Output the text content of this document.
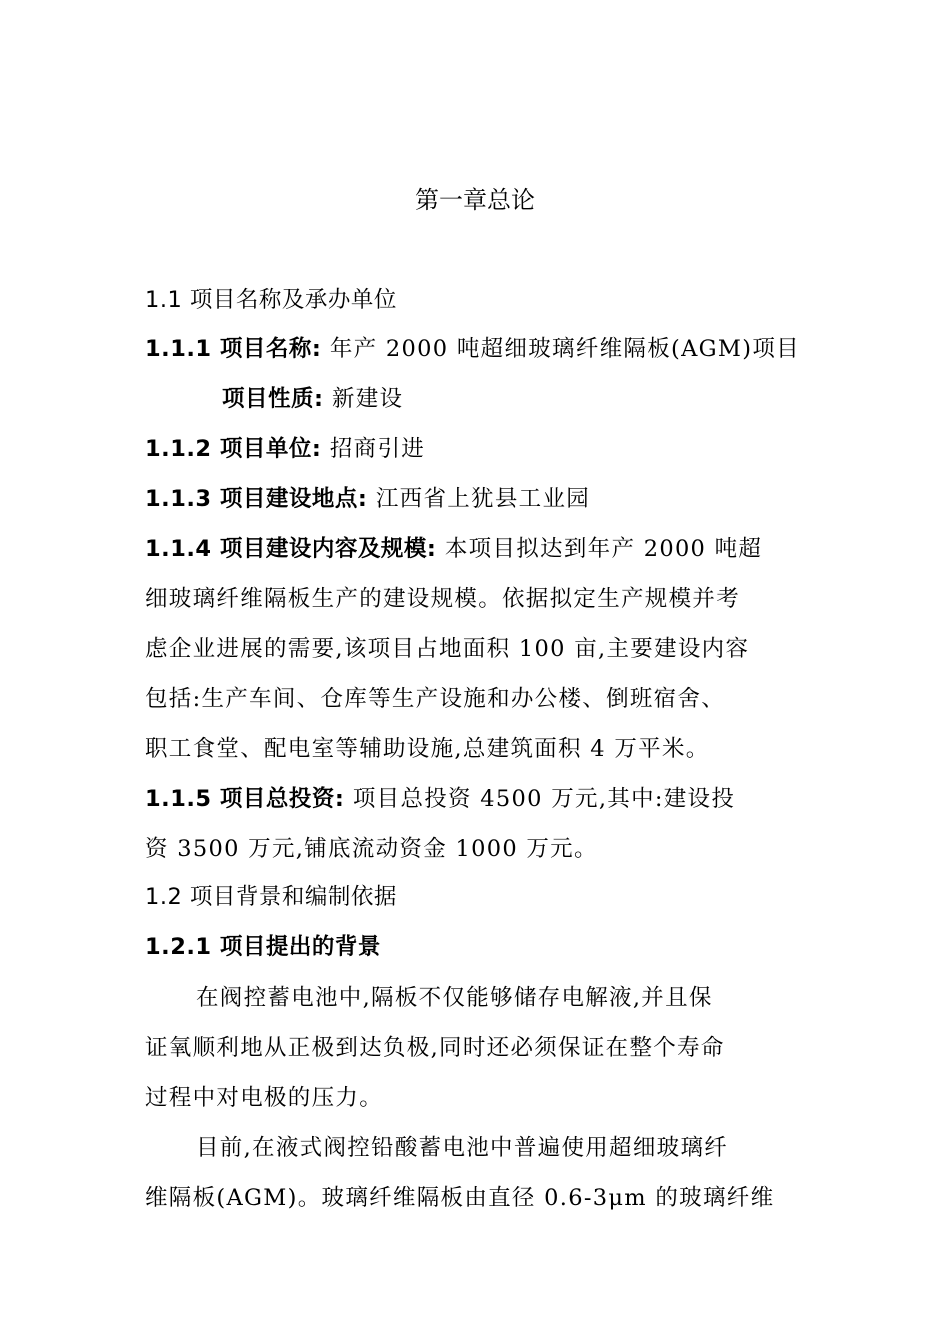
第一章总论
1.1 项目名称及承办单位
1.1.1 项目名称: 年产 2000 吨超细玻璃纤维隔板(AGM)项目
项目性质: 新建设
1.1.2 项目单位: 招商引进
1.1.3 项目建设地点: 江西省上犹县工业园
1.1.4 项目建设内容及规模: 本项目拟达到年产 2000 吨超
细玻璃纤维隔板生产的建设规模。依据拟定生产规模并考
虑企业进展的需要,该项目占地面积 100 亩,主要建设内容
包括:生产车间、仓库等生产设施和办公楼、倒班宿舍、
职工食堂、配电室等辅助设施,总建筑面积 4 万平米。
1.1.5 项目总投资: 项目总投资 4500 万元,其中:建设投
资 3500 万元,铺底流动资金 1000 万元。
1.2 项目背景和编制依据
1.2.1 项目提出的背景
在阀控蓄电池中,隔板不仅能够储存电解液,并且保
证氧顺利地从正极到达负极,同时还必须保证在整个寿命
过程中对电极的压力。
目前,在液式阀控铅酸蓄电池中普遍使用超细玻璃纤
维隔板(AGM)。玻璃纤维隔板由直径 0.6-3μm 的玻璃纤维
